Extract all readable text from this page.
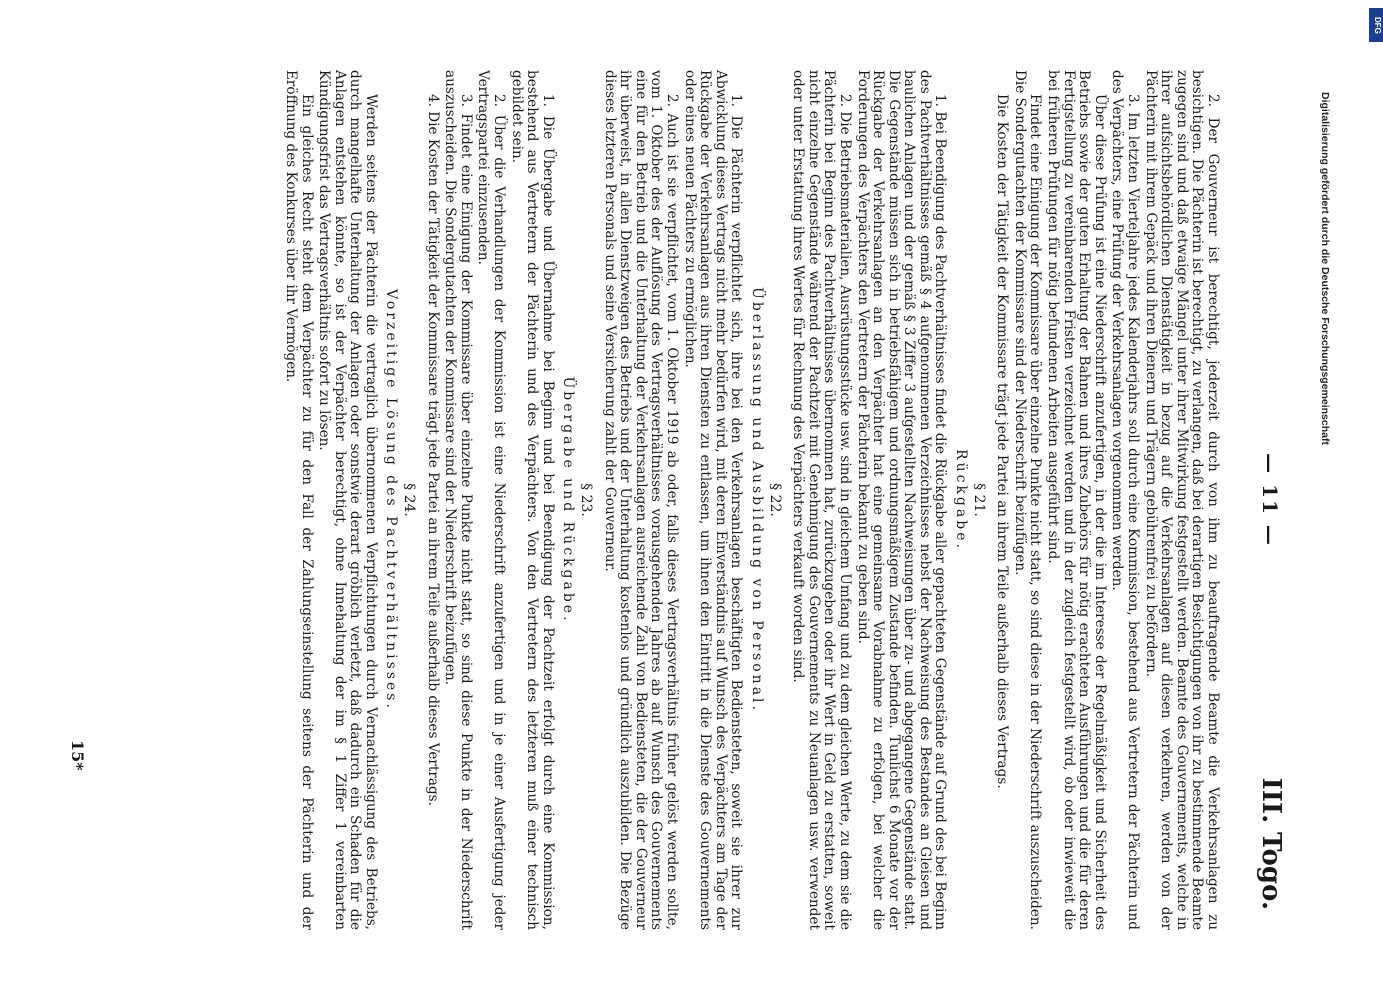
— 11 —
III. Togo.

2. Der Gouverneur ist berechtigt, jederzeit durch von ihm zu beauftragende Beamte die Verkehrsanlagen zu besichtigen. Die Pächterin ist berechtigt, zu verlangen, daß bei derartigen Besichtigungen von ihr zu bestimmende Beamte zugegen sind und daß etwaige Mängel unter ihrer Mitwirkung festgestellt werden. Beamte des Gouvernements, welche in ihrer aufsichtsbehördlichen Dienstätigkeit in bezug auf die Verkehrsanlagen auf diesen verkehren, werden von der Pächterin mit ihrem Gepäck und ihren Dienern und Trägern gebührenfrei zu befördern.

3. Im letzten Vierteljahre jedes Kalenderjahrs soll durch eine Kommission, bestehend aus Vertretern der Pächterin und des Verpächters, eine Prüfung der Verkehrsanlagen vorgenommen werden.

Über diese Prüfung ist eine Niederschrift anzufertigen, in der die im Interesse der Regelmäßigkeit und Sicherheit des Betriebs sowie der guten Erhaltung der Bahnen und ihres Zubehörs für nötig erachteten Ausführungen und die für deren Fertigstellung zu vereinbarenden Fristen verzeichnet werden und in der zugleich festgestellt wird, ob oder inwieweit die bei früheren Prüfungen für nötig befundenen Arbeiten ausgeführt sind.

Findet eine Einigung der Kommissare über einzelne Punkte nicht statt, so sind diese in der Niederschrift auszuscheiden. Die Sondergutachten der Kommissare sind der Niederschrift beizufügen.

Die Kosten der Tätigkeit der Kommissare trägt jede Partei an ihrem Teile außerhalb dieses Vertrags.

§ 21.

Rückgabe.

1. Bei Beendigung des Pachtverhältnisses findet die Rückgabe aller gepachteten Gegenstände auf Grund des bei Beginn des Pachtverhältnisses gemäß § 4 aufgenommenen Verzeichnisses nebst der Nachweisung des Bestandes an Gleisen und baulichen Anlagen und der gemäß § 3 Ziffer 3 aufgestellten Nachweisungen über zu- und abgegangene Gegenstände statt. Die Gegenstände müssen sich in betriebsfähigem und ordnungsmäßigem Zustande befinden. Tunlichst 6 Monate vor der Rückgabe der Verkehrsanlagen an den Verpächter hat eine gemeinsame Vorabnahme zu erfolgen, bei welcher die Forderungen des Verpächters den Vertretern der Pächterin bekannt zu geben sind.

2. Die Betriebsmaterialien, Ausrüstungsstücke usw. sind in gleichem Umfang und zu dem gleichen Werte, zu dem sie die Pächterin bei Beginn des Pachtverhältnisses übernommen hat, zurückzugeben oder ihr Wert in Geld zu erstatten, soweit nicht einzelne Gegenstände während der Pachtzeit mit Genehmigung des Gouvernements zu Neuanlagen usw. verwendet oder unter Erstattung ihres Wertes für Rechnung des Verpächters verkauft worden sind.

§ 22.

Überlassung und Ausbildung von Personal.

1. Die Pächterin verpflichtet sich, ihre bei den Verkehrsanlagen beschäftigten Bediensteten, soweit sie ihrer zur Abwicklung dieses Vertrags nicht mehr bedürfen wird, mit deren Einverständnis auf Wunsch des Verpächters am Tage der Rückgabe der Verkehrsanlagen aus ihren Diensten zu entlassen, um ihnen den Eintritt in die Dienste des Gouvernements oder eines neuen Pächters zu ermöglichen.

2. Auch ist sie verpflichtet, vom 1. Oktober 1919 ab oder, falls dieses Vertragsverhältnis früher gelöst werden sollte, vom 1. Oktober des der Auflösung des Vertragsverhältnisses vorausgehenden Jahres ab auf Wunsch des Gouvernements eine für den Betrieb und die Unterhaltung der Verkehrsanlagen ausreichende Zahl von Bediensteten, die der Gouverneur ihr überweist, in allen Dienstzweigen des Betriebs und der Unterhaltung kostenlos und gründlich auszubilden. Die Bezüge dieses letzteren Personals und seine Versicherung zahlt der Gouverneur.

§ 23.

Übergabe und Rückgabe.

1. Die Übergabe und Übernahme bei Beginn und bei Beendigung der Pachtzeit erfolgt durch eine Kommission, bestehend aus Vertretern der Pächterin und des Verpächters. Von den Vertretern des letzteren muß einer technisch gebildet sein.

2. Über die Verhandlungen der Kommission ist eine Niederschrift anzufertigen und in je einer Ausfertigung jeder Vertragspartei einzusenden.

3. Findet eine Einigung der Kommissare über einzelne Punkte nicht statt, so sind diese Punkte in der Niederschrift auszuscheiden. Die Sondergutachten der Kommissare sind der Niederschrift beizufügen.

4. Die Kosten der Tätigkeit der Kommissare trägt jede Partei an ihrem Teile außerhalb dieses Vertrags.

§ 24.

Vorzeitige Lösung des Pachtverhältnisses.

Werden seitens der Pächterin die vertraglich übernommenen Verpflichtungen durch Vernachlässigung des Betriebs, durch mangelhafte Unterhaltung der Anlagen oder sonstwie derart gröblich verletzt, daß dadurch ein Schaden für die Anlagen entstehen könnte, so ist der Verpächter berechtigt, ohne Innehaltung der im § 1 Ziffer 1 vereinbarten Kündigungsfrist das Vertragsverhältnis sofort zu lösen.

Ein gleiches Recht steht dem Verpächter zu für den Fall der Zahlungseinstellung seitens der Pächterin und der Eröffnung des Konkurses über ihr Vermögen.

15*
Digitalisierung gefördert durch die Deutsche Forschungsgemeinschaft
DFG
